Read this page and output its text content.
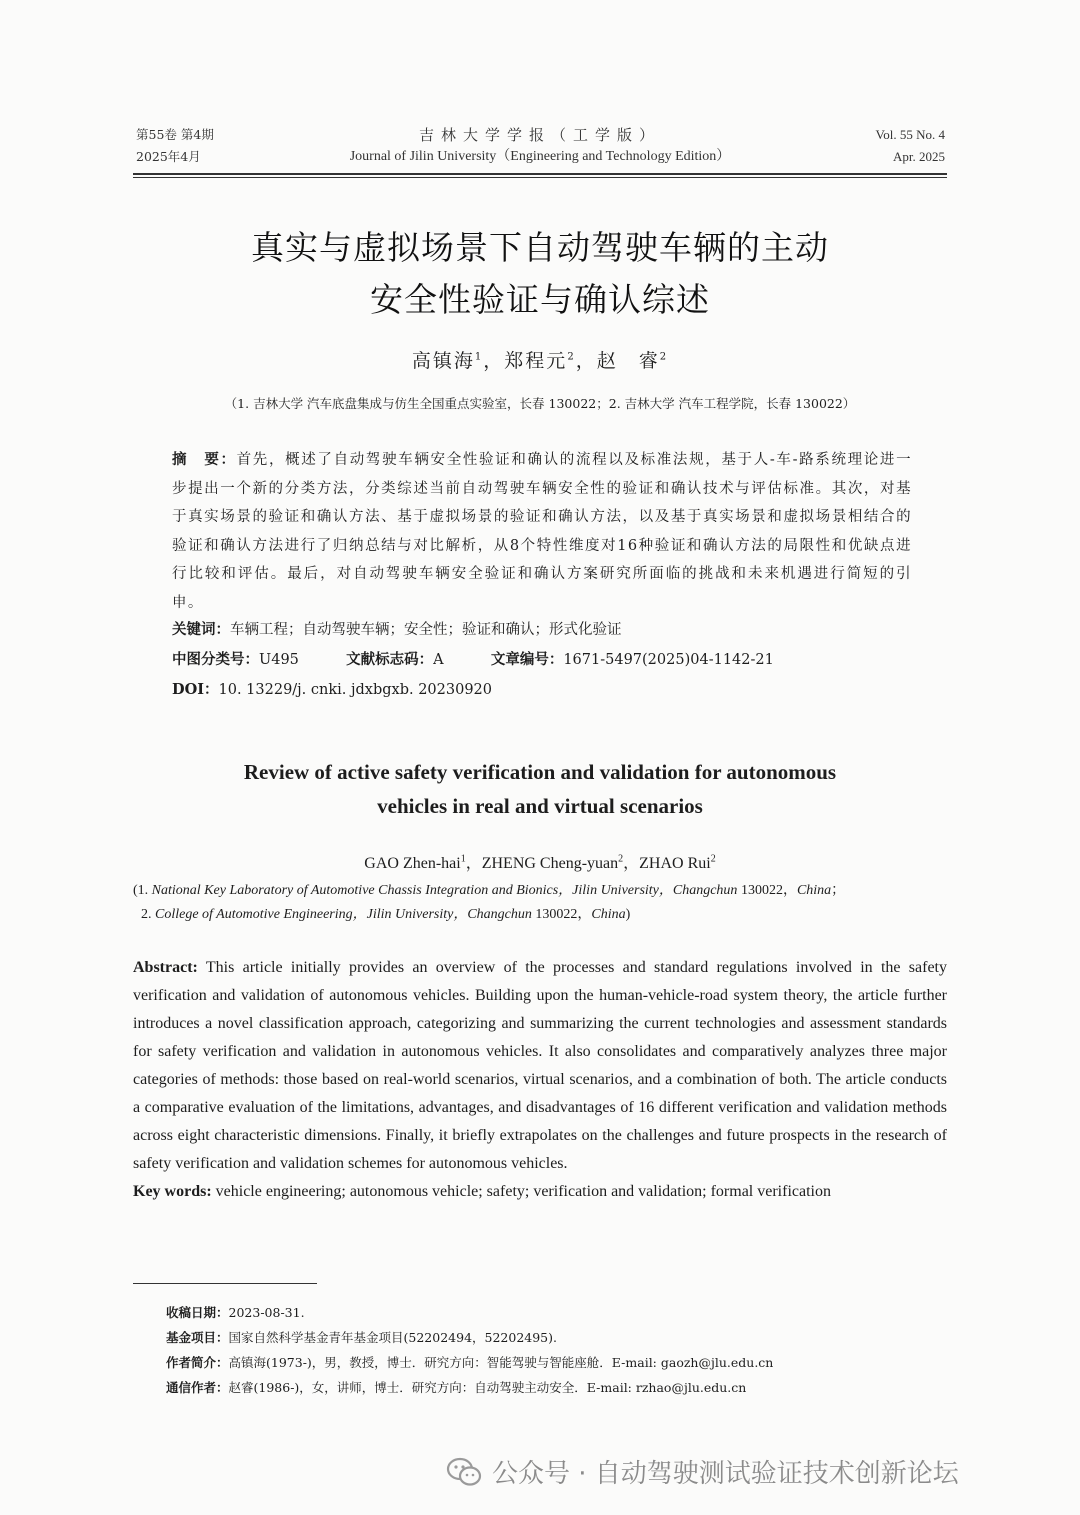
第55卷 第4期
2025年4月
吉林大学学报（工学版）
Journal of Jilin University（Engineering and Technology Edition）
Vol. 55 No. 4
Apr. 2025
真实与虚拟场景下自动驾驶车辆的主动
安全性验证与确认综述
高镇海$^1$，郑程元$^2$，赵　睿$^2$
（1. 吉林大学 汽车底盘集成与仿生全国重点实验室，长春 130022；2. 吉林大学 汽车工程学院，长春 130022）
摘　要：首先，概述了自动驾驶车辆安全性验证和确认的流程以及标准法规，基于人-车-路系统理论进一步提出一个新的分类方法，分类综述当前自动驾驶车辆安全性的验证和确认技术与评估标准。其次，对基于真实场景的验证和确认方法、基于虚拟场景的验证和确认方法，以及基于真实场景和虚拟场景相结合的验证和确认方法进行了归纳总结与对比解析，从8个特性维度对16种验证和确认方法的局限性和优缺点进行比较和评估。最后，对自动驾驶车辆安全验证和确认方案研究所面临的挑战和未来机遇进行简短的引申。
关键词：车辆工程；自动驾驶车辆；安全性；验证和确认；形式化验证
中图分类号：U495	文献标志码：A	文章编号：1671-5497(2025)04-1142-21
DOI：10. 13229/j. cnki. jdxbgxb. 20230920
Review of active safety verification and validation for autonomous
vehicles in real and virtual scenarios
GAO Zhen-hai$^1$，ZHENG Cheng-yuan$^2$，ZHAO Rui$^2$
(1. National Key Laboratory of Automotive Chassis Integration and Bionics，Jilin University，Changchun 130022，China；
2. College of Automotive Engineering，Jilin University，Changchun 130022，China)
Abstract: This article initially provides an overview of the processes and standard regulations involved in the safety verification and validation of autonomous vehicles. Building upon the human-vehicle-road system theory, the article further introduces a novel classification approach, categorizing and summarizing the current technologies and assessment standards for safety verification and validation in autonomous vehicles. It also consolidates and comparatively analyzes three major categories of methods: those based on real-world scenarios, virtual scenarios, and a combination of both. The article conducts a comparative evaluation of the limitations, advantages, and disadvantages of 16 different verification and validation methods across eight characteristic dimensions. Finally, it briefly extrapolates on the challenges and future prospects in the research of safety verification and validation schemes for autonomous vehicles.
Key words: vehicle engineering; autonomous vehicle; safety; verification and validation; formal verification
收稿日期：2023-08-31.
基金项目：国家自然科学基金青年基金项目(52202494，52202495).
作者简介：高镇海(1973-)，男，教授，博士．研究方向：智能驾驶与智能座舱．E-mail: gaozh@jlu.edu.cn
通信作者：赵睿(1986-)，女，讲师，博士．研究方向：自动驾驶主动安全．E-mail: rzhao@jlu.edu.cn
公众号 · 自动驾驶测试验证技术创新论坛
